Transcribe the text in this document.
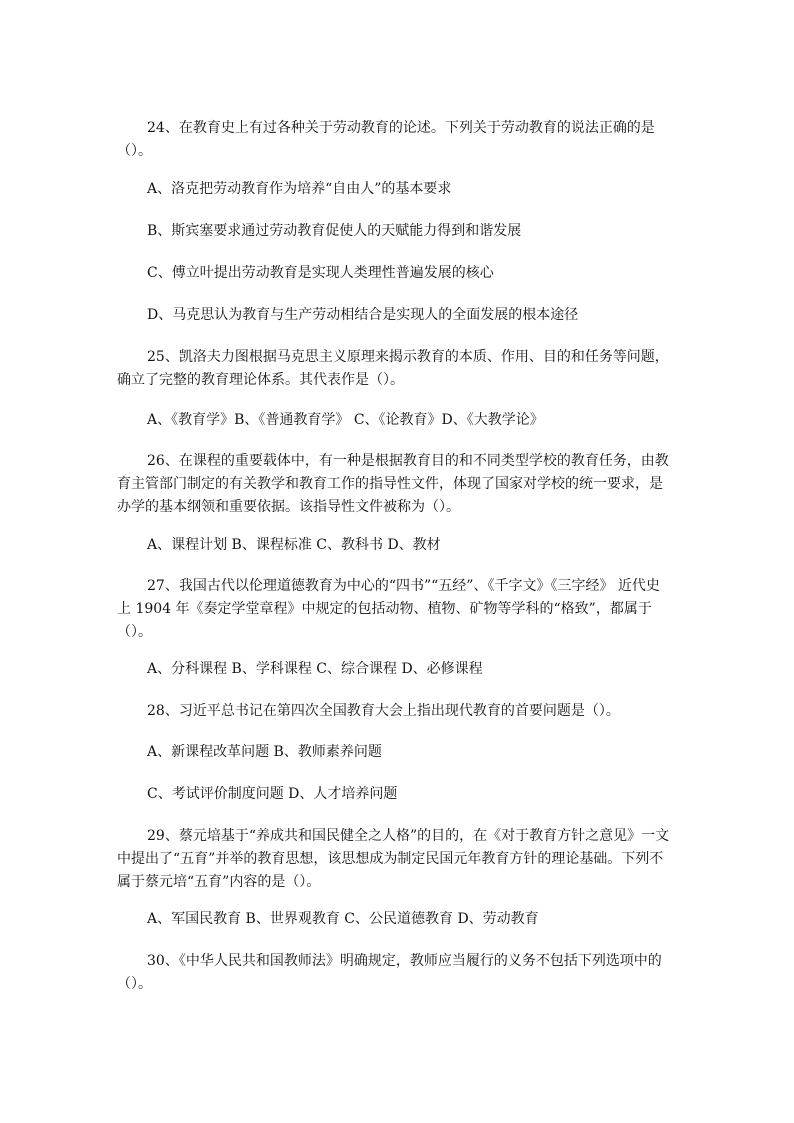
24、在教育史上有过各种关于劳动教育的论述。下列关于劳动教育的说法正确的是（）。

A、洛克把劳动教育作为培养“自由人”的基本要求

B、斯宾塞要求通过劳动教育促使人的天赋能力得到和谐发展

C、傅立叶提出劳动教育是实现人类理性普遍发展的核心

D、马克思认为教育与生产劳动相结合是实现人的全面发展的根本途径

25、凯洛夫力图根据马克思主义原理来揭示教育的本质、作用、目的和任务等问题，确立了完整的教育理论体系。其代表作是（）。

A、《教育学》B、《普通教育学》 C、《论教育》D、《大教学论》

26、在课程的重要载体中，有一种是根据教育目的和不同类型学校的教育任务，由教育主管部门制定的有关教学和教育工作的指导性文件，体现了国家对学校的统一要求，是办学的基本纲领和重要依据。该指导性文件被称为（）。

A、课程计划 B、课程标准 C、教科书 D、教材

27、我国古代以伦理道德教育为中心的“四书”“五经”、《千字文》《三字经》 近代史上 1904 年《奏定学堂章程》中规定的包括动物、植物、矿物等学科的“格致”，都属于（）。

A、分科课程 B、学科课程 C、综合课程 D、必修课程

28、习近平总书记在第四次全国教育大会上指出现代教育的首要问题是（）。

A、新课程改革问题 B、教师素养问题

C、考试评价制度问题 D、人才培养问题

29、蔡元培基于“养成共和国民健全之人格”的目的，在《对于教育方针之意见》一文中提出了“五育”并举的教育思想，该思想成为制定民国元年教育方针的理论基础。下列不属于蔡元培“五育”内容的是（）。

A、军国民教育 B、世界观教育 C、公民道德教育 D、劳动教育

30、《中华人民共和国教师法》明确规定，教师应当履行的义务不包括下列选项中的（）。
